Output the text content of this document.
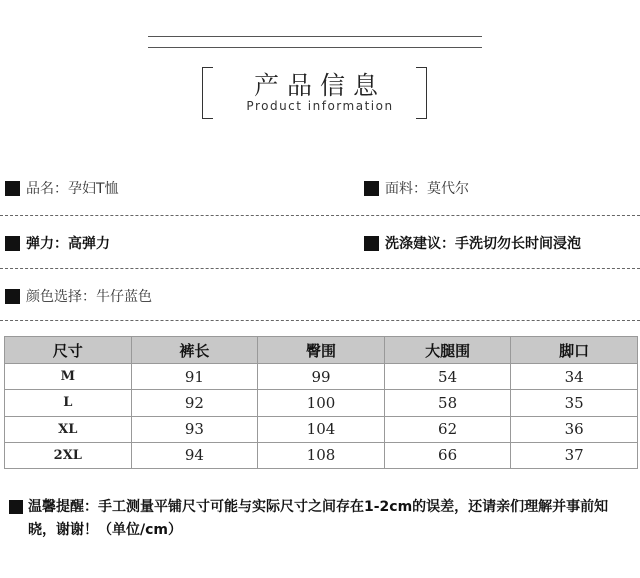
产品信息
Product information
品名： 孕妇T恤	面料： 莫代尔
弹力： 高弹力	洗涤建议： 手洗切勿长时间浸泡
颜色选择： 牛仔蓝色
尺寸	裤长	臀围	大腿围	脚口
M	91	99	54	34
L	92	100	58	35
XL	93	104	62	36
2XL	94	108	66	37

温馨提醒：手工测量平铺尺寸可能与实际尺寸之间存在1-2cm的误差，还请亲们理解并事前知晓，谢谢！（单位/cm）
